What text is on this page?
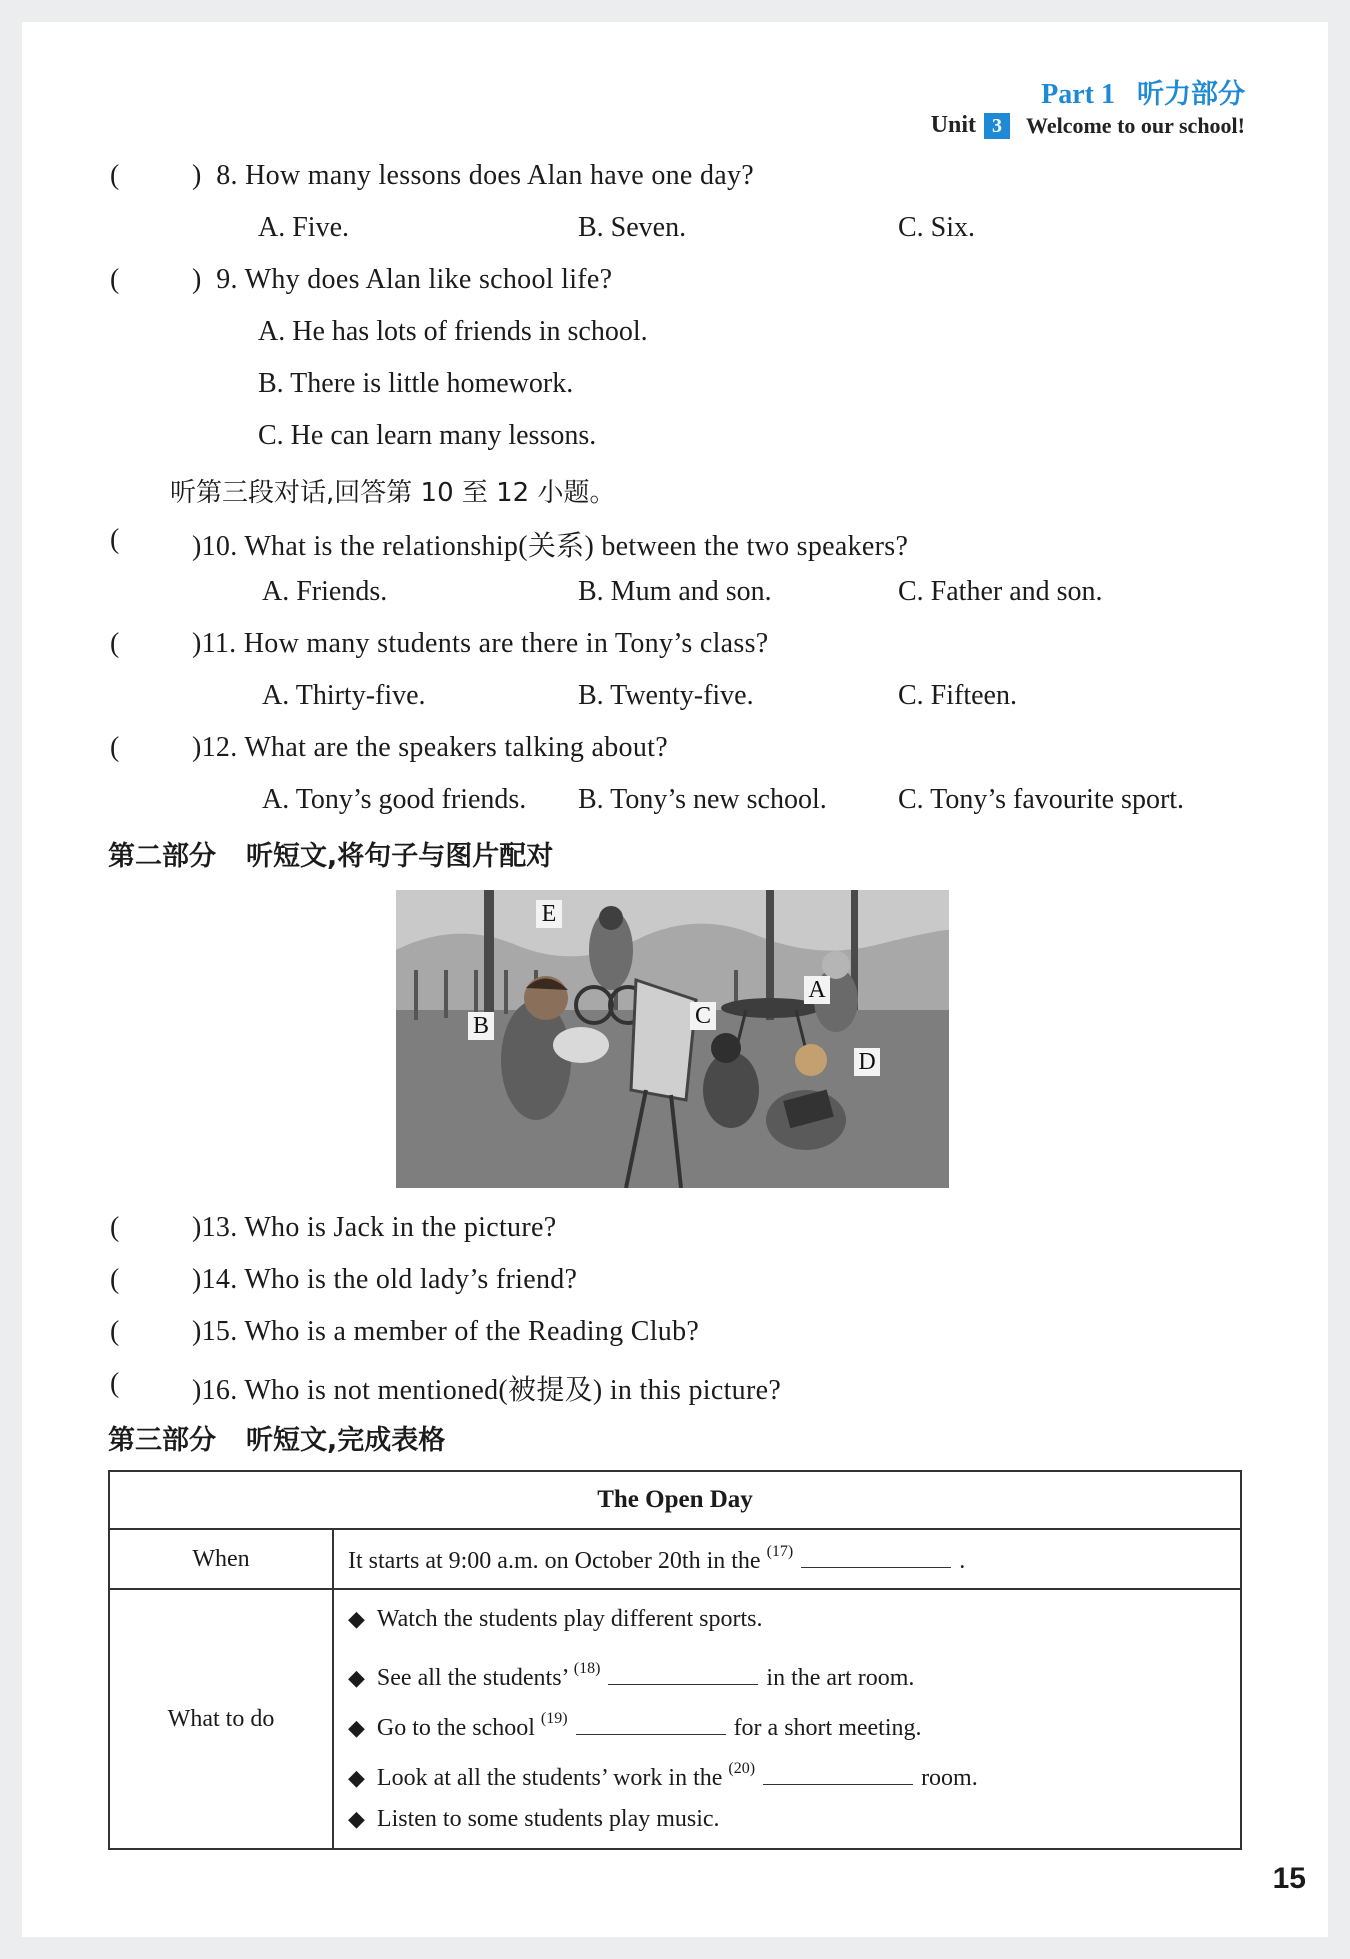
Part 1 听力部分
Unit 3	Welcome to our school!
(	)  8. How many lessons does Alan have one day?
A. Five.	B. Seven.	C. Six.
(	)  9. Why does Alan like school life?
A. He has lots of friends in school.
B. There is little homework.
C. He can learn many lessons.
听第三段对话,回答第 10 至 12 小题。
(	)10. What is the relationship(关系) between the two speakers?
A. Friends.	B. Mum and son.	C. Father and son.
(	)11. How many students are there in Tony’s class?
A. Thirty-five.	B. Twenty-five.	C. Fifteen.
(	)12. What are the speakers talking about?
A. Tony’s good friends. B. Tony’s new school.	C. Tony’s favourite sport.
第二部分 听短文,将句子与图片配对
E
A
B	C
D
(	)13. Who is Jack in the picture?
(	)14. Who is the old lady’s friend?
(	)15. Who is a member of the Reading Club?
(	)16. Who is not mentioned(被提及) in this picture?
第三部分 听短文,完成表格
The Open Day	
When	It starts at 9:00 a.m. on October 20th in the $^{(17)}$ .
What to do	◆ Watch the students play different sports.
◆ See all the students’ $^{(18)}$ in the art room.
◆ Go to the school $^{(19)}$ for a short meeting.
◆ Look at all the students’ work in the $^{(20)}$ room.
◆ Listen to some students play music.
15
